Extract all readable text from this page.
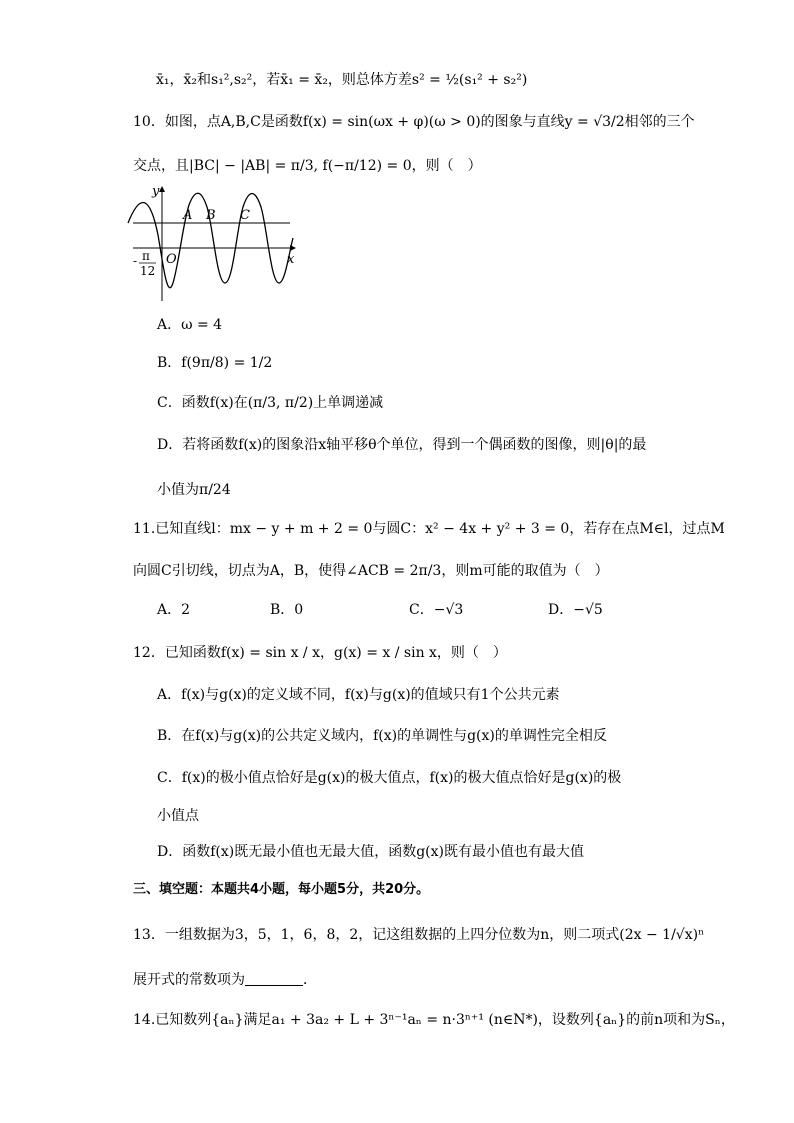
x̄₁，x̄₂和s₁²,s₂²，若x̄₁ = x̄₂，则总体方差s² = ½(s₁² + s₂²)
10．如图，点A,B,C是函数f(x) = sin(ωx + φ)(ω > 0)的图象与直线y = √3/2相邻的三个
交点，且|BC| − |AB| = π/3, f(−π/12) = 0，则（　）
y
x
O
A B C
- π
12
A．ω = 4
B．f(9π/8) = 1/2
C．函数f(x)在(π/3, π/2)上单调递减
D．若将函数f(x)的图象沿x轴平移θ个单位，得到一个偶函数的图像，则|θ|的最
小值为π/24
11.已知直线l：mx − y + m + 2 = 0与圆C：x² − 4x + y² + 3 = 0，若存在点M∈l，过点M
向圆C引切线，切点为A，B，使得∠ACB = 2π/3，则m可能的取值为（　）
A．2	B．0	C．−√3	D．−√5
12．已知函数f(x) = sin x / x，g(x) = x / sin x，则（　）
A．f(x)与g(x)的定义域不同，f(x)与g(x)的值域只有1个公共元素
B．在f(x)与g(x)的公共定义域内，f(x)的单调性与g(x)的单调性完全相反
C．f(x)的极小值点恰好是g(x)的极大值点，f(x)的极大值点恰好是g(x)的极
小值点
D．函数f(x)既无最小值也无最大值，函数g(x)既有最小值也有最大值
三、填空题：本题共4小题，每小题5分，共20分。
13．一组数据为3，5，1，6，8，2，记这组数据的上四分位数为n，则二项式(2x − 1/√x)ⁿ
展开式的常数项为	．
14.已知数列{aₙ}满足a₁ + 3a₂ + L + 3ⁿ⁻¹aₙ = n·3ⁿ⁺¹ (n∈N*)，设数列{aₙ}的前n项和为Sₙ，
